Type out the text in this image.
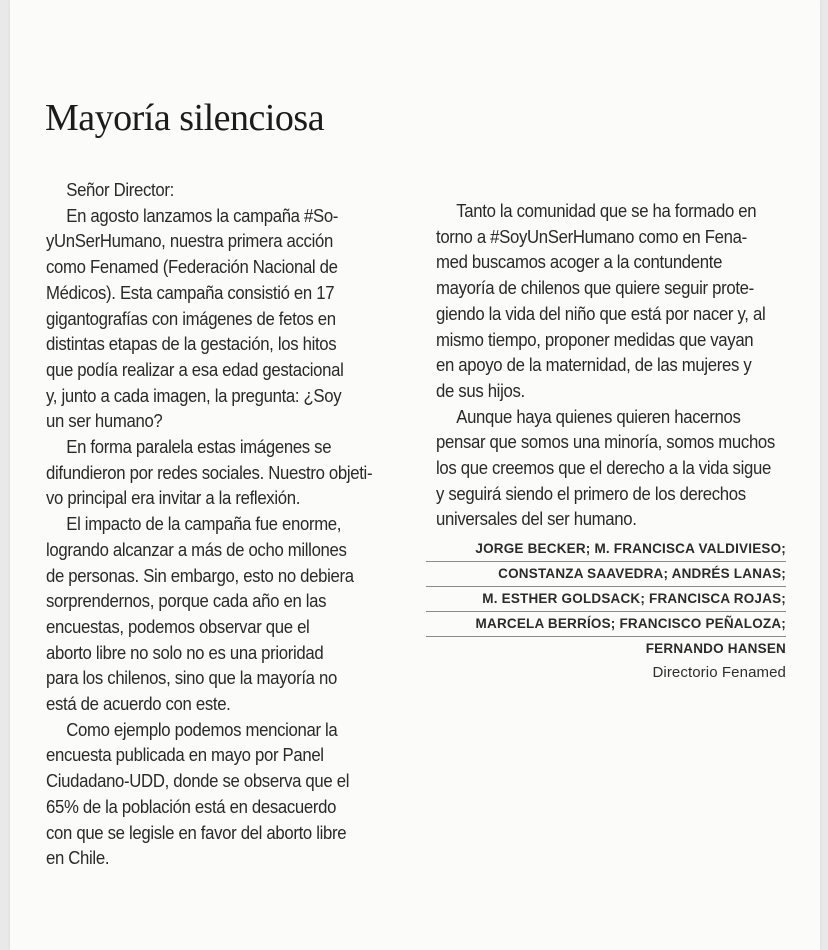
Mayoría silenciosa

Señor Director:

En agosto lanzamos la campaña #So-

yUnSerHumano, nuestra primera acción

como Fenamed (Federación Nacional de

Médicos). Esta campaña consistió en 17

gigantografías con imágenes de fetos en

distintas etapas de la gestación, los hitos

que podía realizar a esa edad gestacional

y, junto a cada imagen, la pregunta: ¿Soy

un ser humano?

En forma paralela estas imágenes se

difundieron por redes sociales. Nuestro objeti-

vo principal era invitar a la reflexión.

El impacto de la campaña fue enorme,

logrando alcanzar a más de ocho millones

de personas. Sin embargo, esto no debiera

sorprendernos, porque cada año en las

encuestas, podemos observar que el

aborto libre no solo no es una prioridad

para los chilenos, sino que la mayoría no

está de acuerdo con este.

Como ejemplo podemos mencionar la

encuesta publicada en mayo por Panel

Ciudadano-UDD, donde se observa que el

65% de la población está en desacuerdo

con que se legisle en favor del aborto libre

en Chile.

Tanto la comunidad que se ha formado en

torno a #SoyUnSerHumano como en Fena-

med buscamos acoger a la contundente

mayoría de chilenos que quiere seguir prote-

giendo la vida del niño que está por nacer y, al

mismo tiempo, proponer medidas que vayan

en apoyo de la maternidad, de las mujeres y

de sus hijos.

Aunque haya quienes quieren hacernos

pensar que somos una minoría, somos muchos

los que creemos que el derecho a la vida sigue

y seguirá siendo el primero de los derechos

universales del ser humano.

JORGE BECKER; M. FRANCISCA VALDIVIESO;
CONSTANZA SAAVEDRA; ANDRÉS LANAS;
M. ESTHER GOLDSACK; FRANCISCA ROJAS;
MARCELA BERRÍOS; FRANCISCO PEÑALOZA;
FERNANDO HANSEN
Directorio Fenamed
